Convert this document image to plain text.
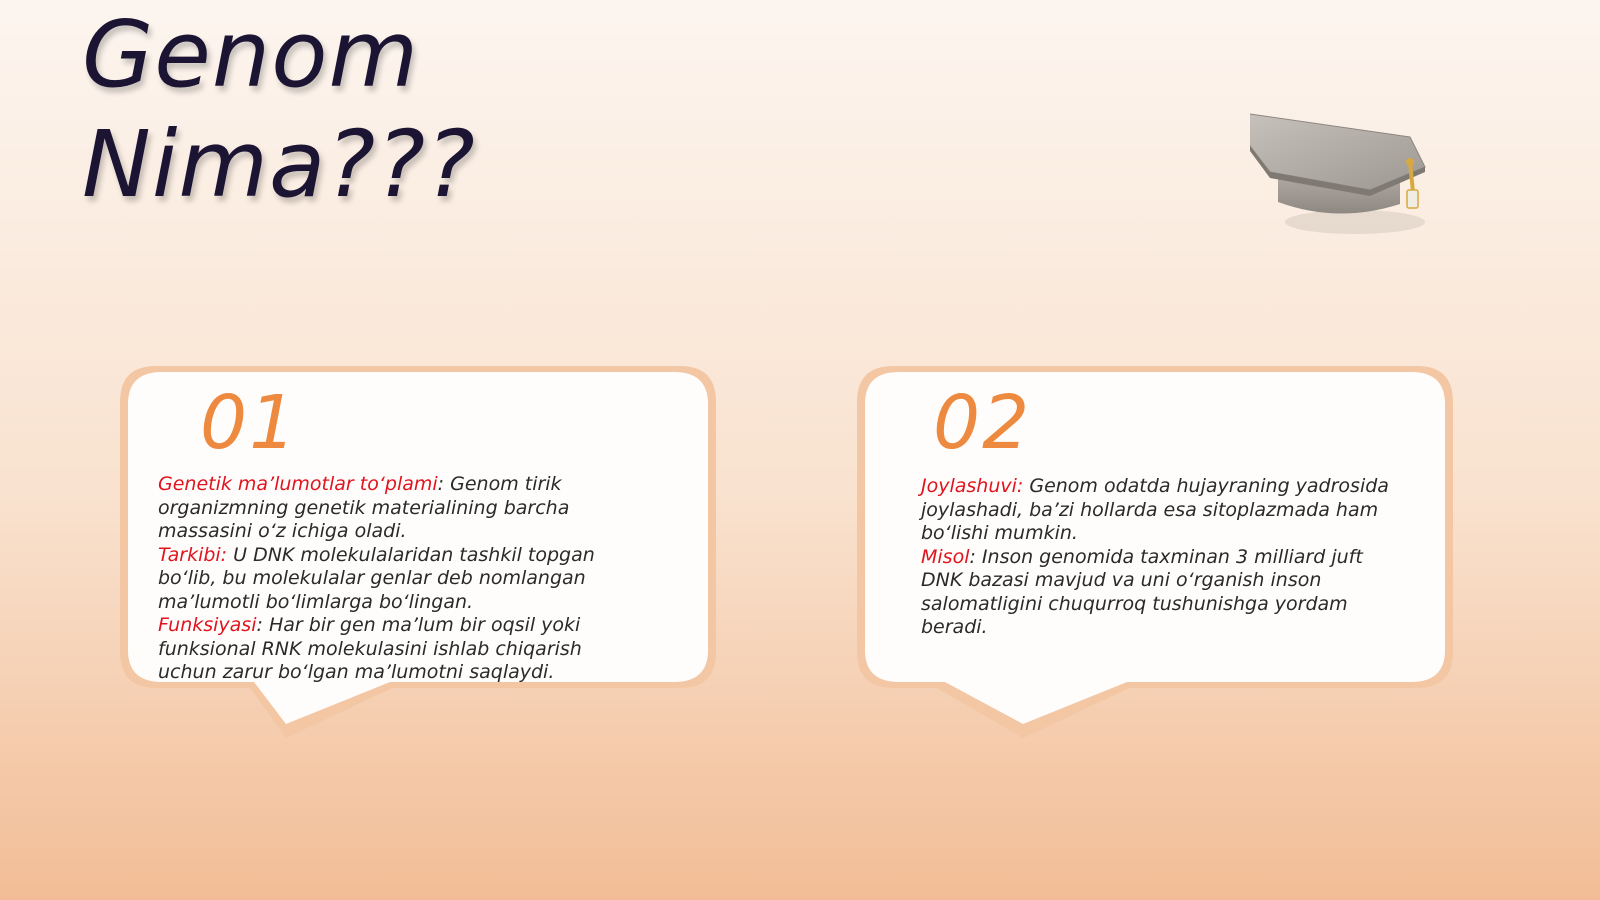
Genom
Nima???
01

Genetik ma’lumotlar to‘plami: Genom tirik organizmning genetik materialining barcha massasini o‘z ichiga oladi.

Tarkibi: U DNK molekulalaridan tashkil topgan bo‘lib, bu molekulalar genlar deb nomlangan ma’lumotli bo‘limlarga bo‘lingan.

Funksiyasi: Har bir gen ma’lum bir oqsil yoki funksional RNK molekulasini ishlab chiqarish uchun zarur bo‘lgan ma’lumotni saqlaydi.

02

Joylashuvi: Genom odatda hujayraning yadrosida joylashadi, ba’zi hollarda esa sitoplazmada ham bo‘lishi mumkin.

Misol: Inson genomida taxminan 3 milliard juft DNK bazasi mavjud va uni o‘rganish inson salomatligini chuqurroq tushunishga yordam beradi.
